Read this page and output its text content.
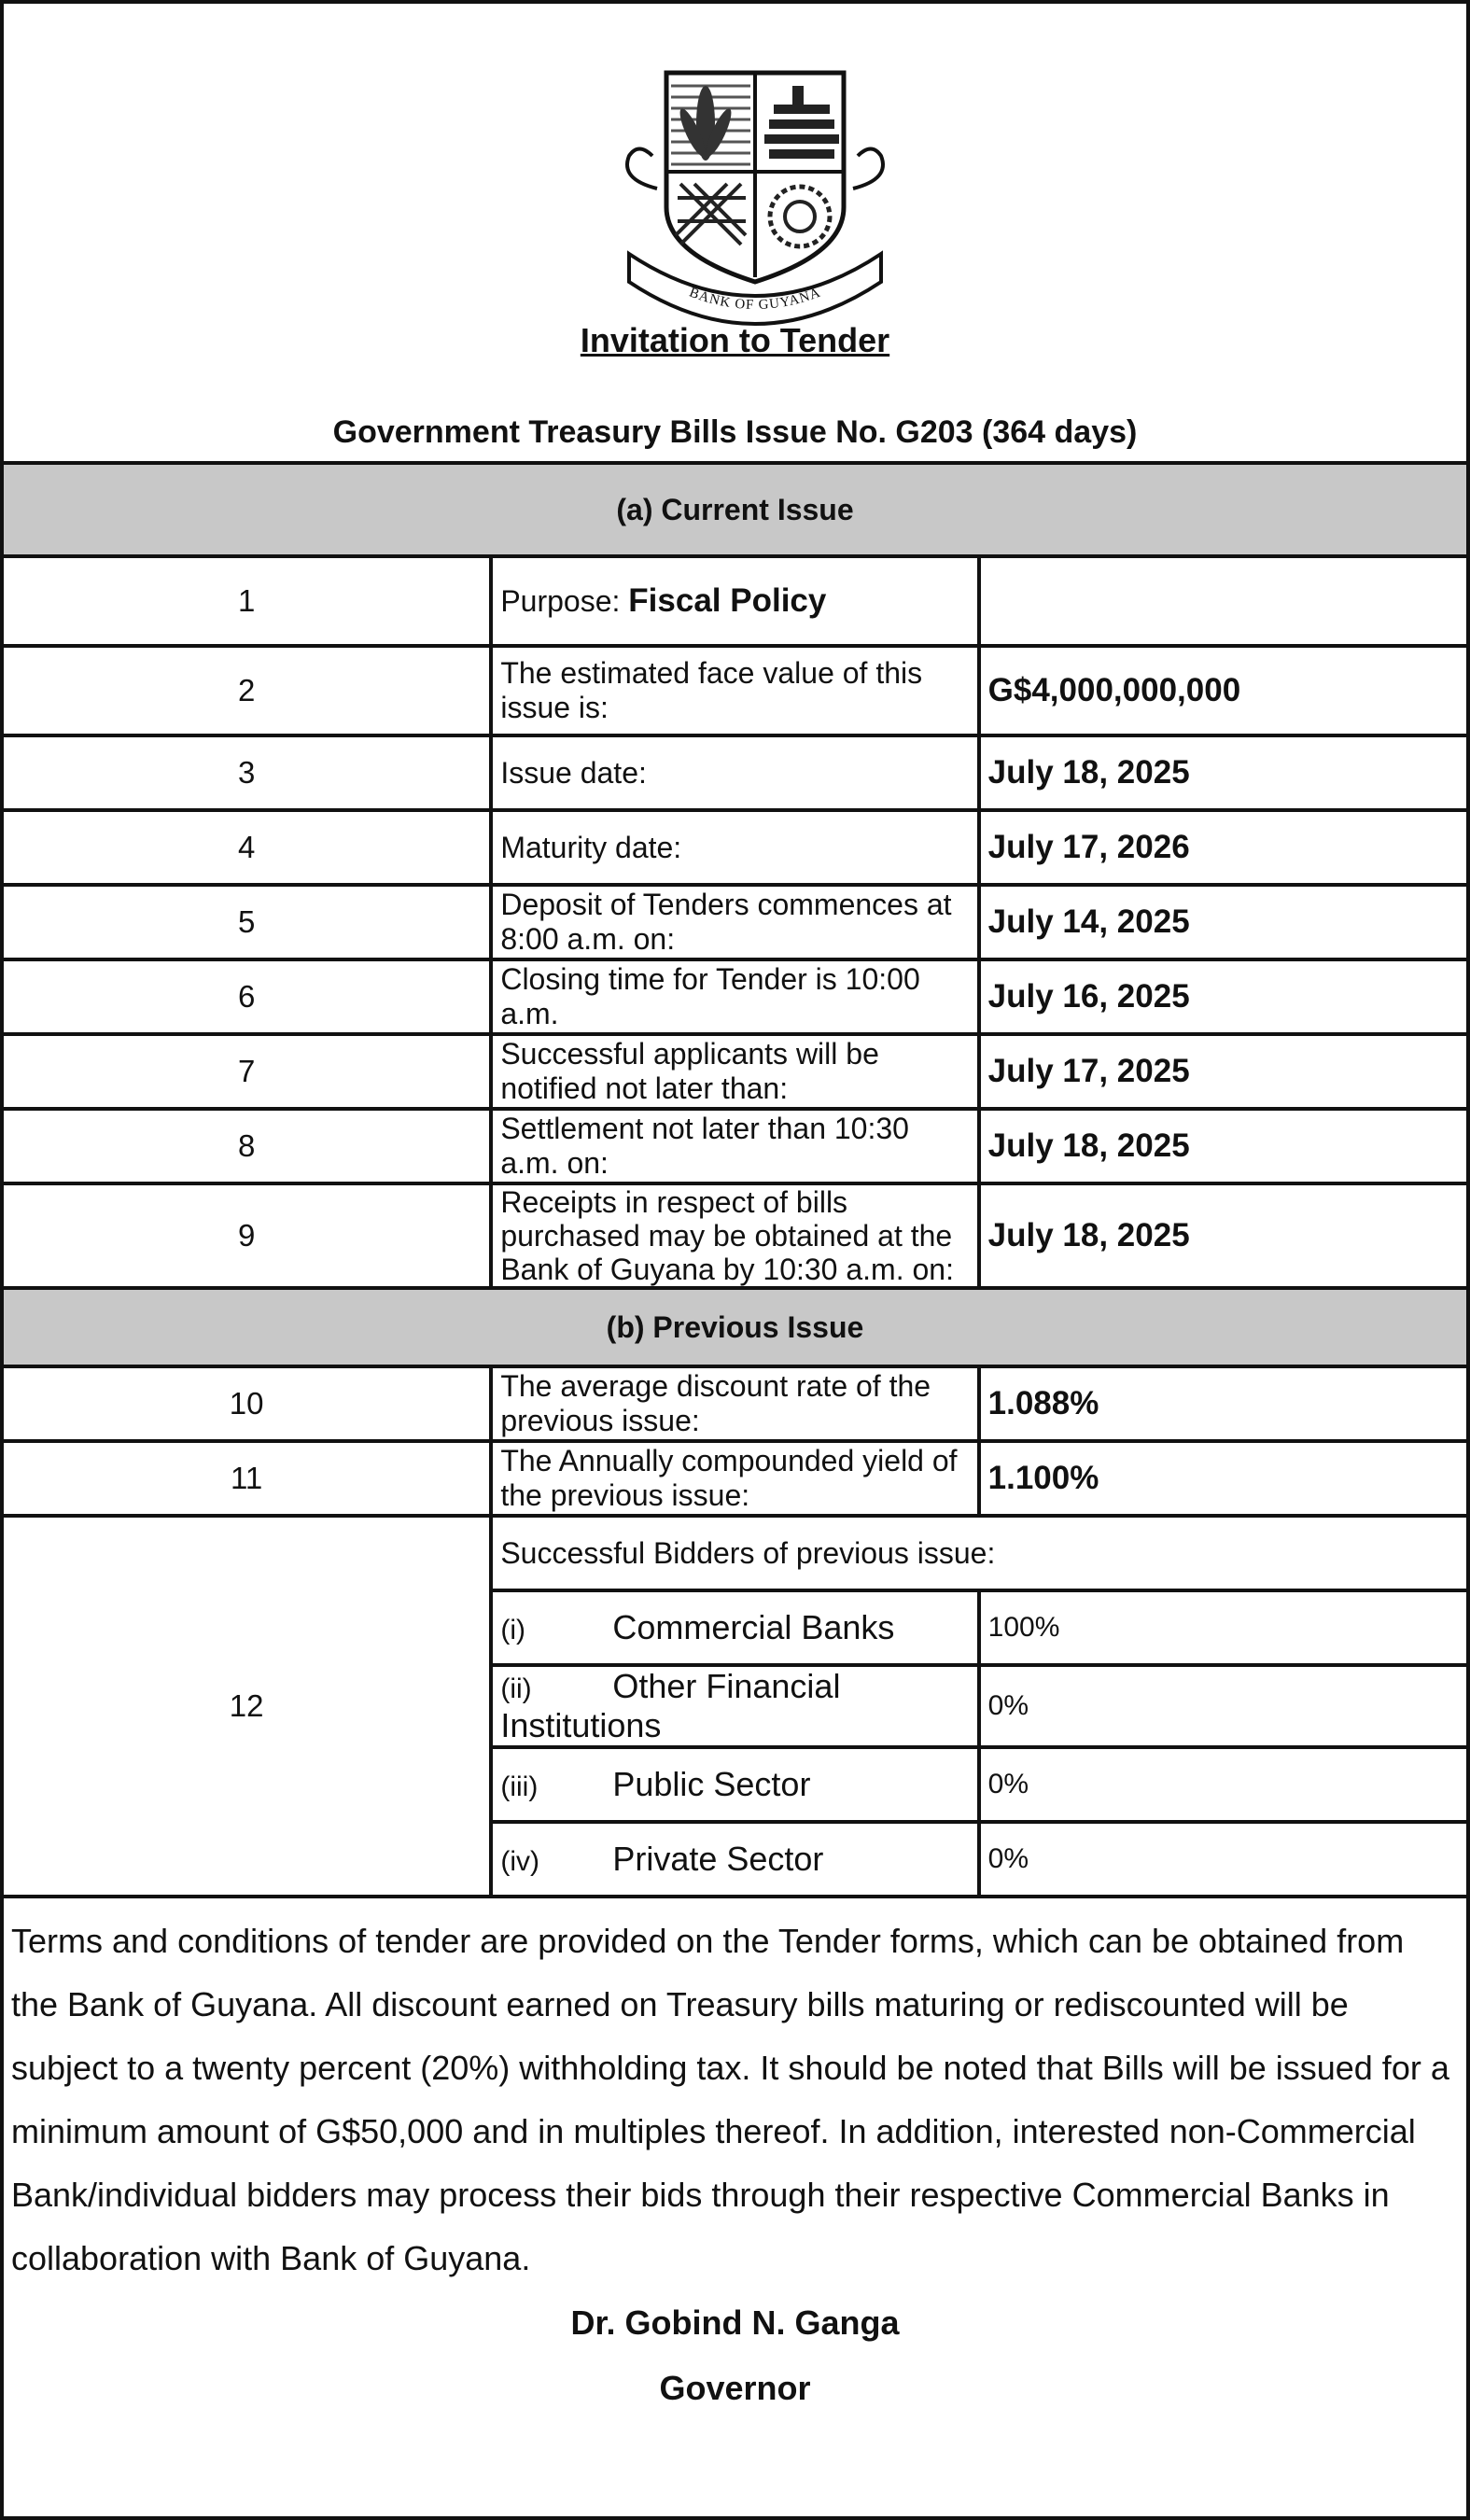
BANK OF GUYANA
Invitation to Tender
Government Treasury Bills Issue No. G203 (364 days)
(a) Current Issue		
1	Purpose: Fiscal Policy	
2	The estimated face value of this issue is:	G$4,000,000,000
3	Issue date:	July 18, 2025
4	Maturity date:	July 17, 2026
5	Deposit of Tenders commences at 8:00 a.m. on:	July 14, 2025
6	Closing time for Tender is 10:00 a.m.	July 16, 2025
7	Successful applicants will be notified not later than:	July 17, 2025
8	Settlement not later than 10:30 a.m. on:	July 18, 2025
9	Receipts in respect of bills purchased may be obtained at the Bank of Guyana by 10:30 a.m. on:	July 18, 2025
(b) Previous Issue		
10	The average discount rate of the previous issue:	1.088%
11	The Annually compounded yield of the previous issue:	1.100%
12	Successful Bidders of previous issue:	
	(i) Commercial Banks	100%
	(ii) Other Financial Institutions	0%
	(iii) Public Sector	0%
	(iv) Private Sector	0%
Terms and conditions of tender are provided on the Tender forms, which can be obtained from the Bank of Guyana. All discount earned on Treasury bills maturing or rediscounted will be subject to a twenty percent (20%) withholding tax. It should be noted that Bills will be issued for a minimum amount of G$50,000 and in multiples thereof. In addition, interested non-Commercial Bank/individual bidders may process their bids through their respective Commercial Banks in collaboration with Bank of Guyana.
Dr. Gobind N. Ganga
Governor
